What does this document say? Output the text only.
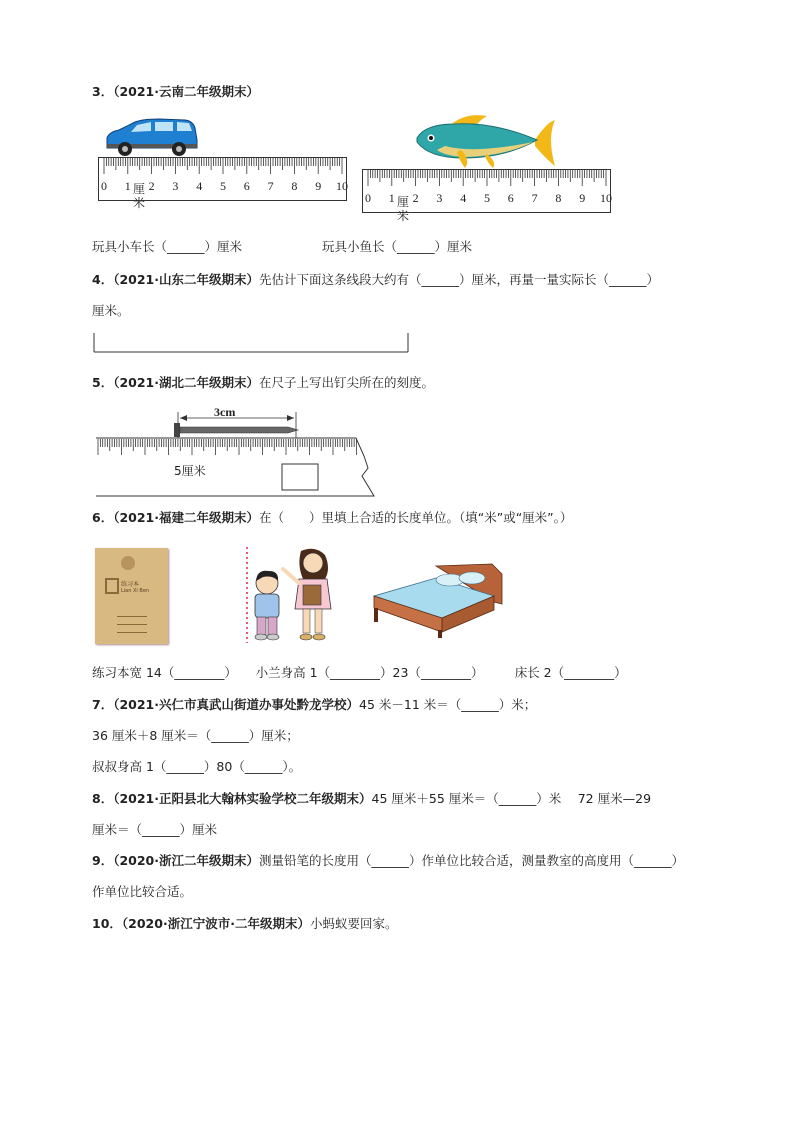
3．（2021·云南二年级期末）
0 1 2 3 4 5 6 7 8 9 10
厘米	0 1 2 3 4 5 6 7 8 9 10
厘米
玩具小车长（______）厘米	玩具小鱼长（______）厘米
4．（2021·山东二年级期末）先估计下面这条线段大约有（______）厘米，再量一量实际长（______）
厘米。
5．（2021·湖北二年级期末）在尺子上写出钉尖所在的刻度。
3cm
5厘米
6．（2021·福建二年级期末）在（　　）里填上合适的长度单位。（填“米”或“厘米”。）
练习本
Lian Xi Ben
练习本宽 14（________）　　小兰身高 1（________）23（________）　　　床长 2（________）
7．（2021·兴仁市真武山街道办事处黔龙学校）45 米－11 米＝（______）米；
36 厘米＋8 厘米＝（______）厘米；
叔叔身高 1（______）80（______）。
8．（2021·正阳县北大翰林实验学校二年级期末）45 厘米＋55 厘米＝（______）米　 72 厘米—29
厘米＝（______）厘米
9．（2020·浙江二年级期末）测量铅笔的长度用（______）作单位比较合适，测量教室的高度用（______）
作单位比较合适。
10．（2020·浙江宁波市·二年级期末）小蚂蚁要回家。
